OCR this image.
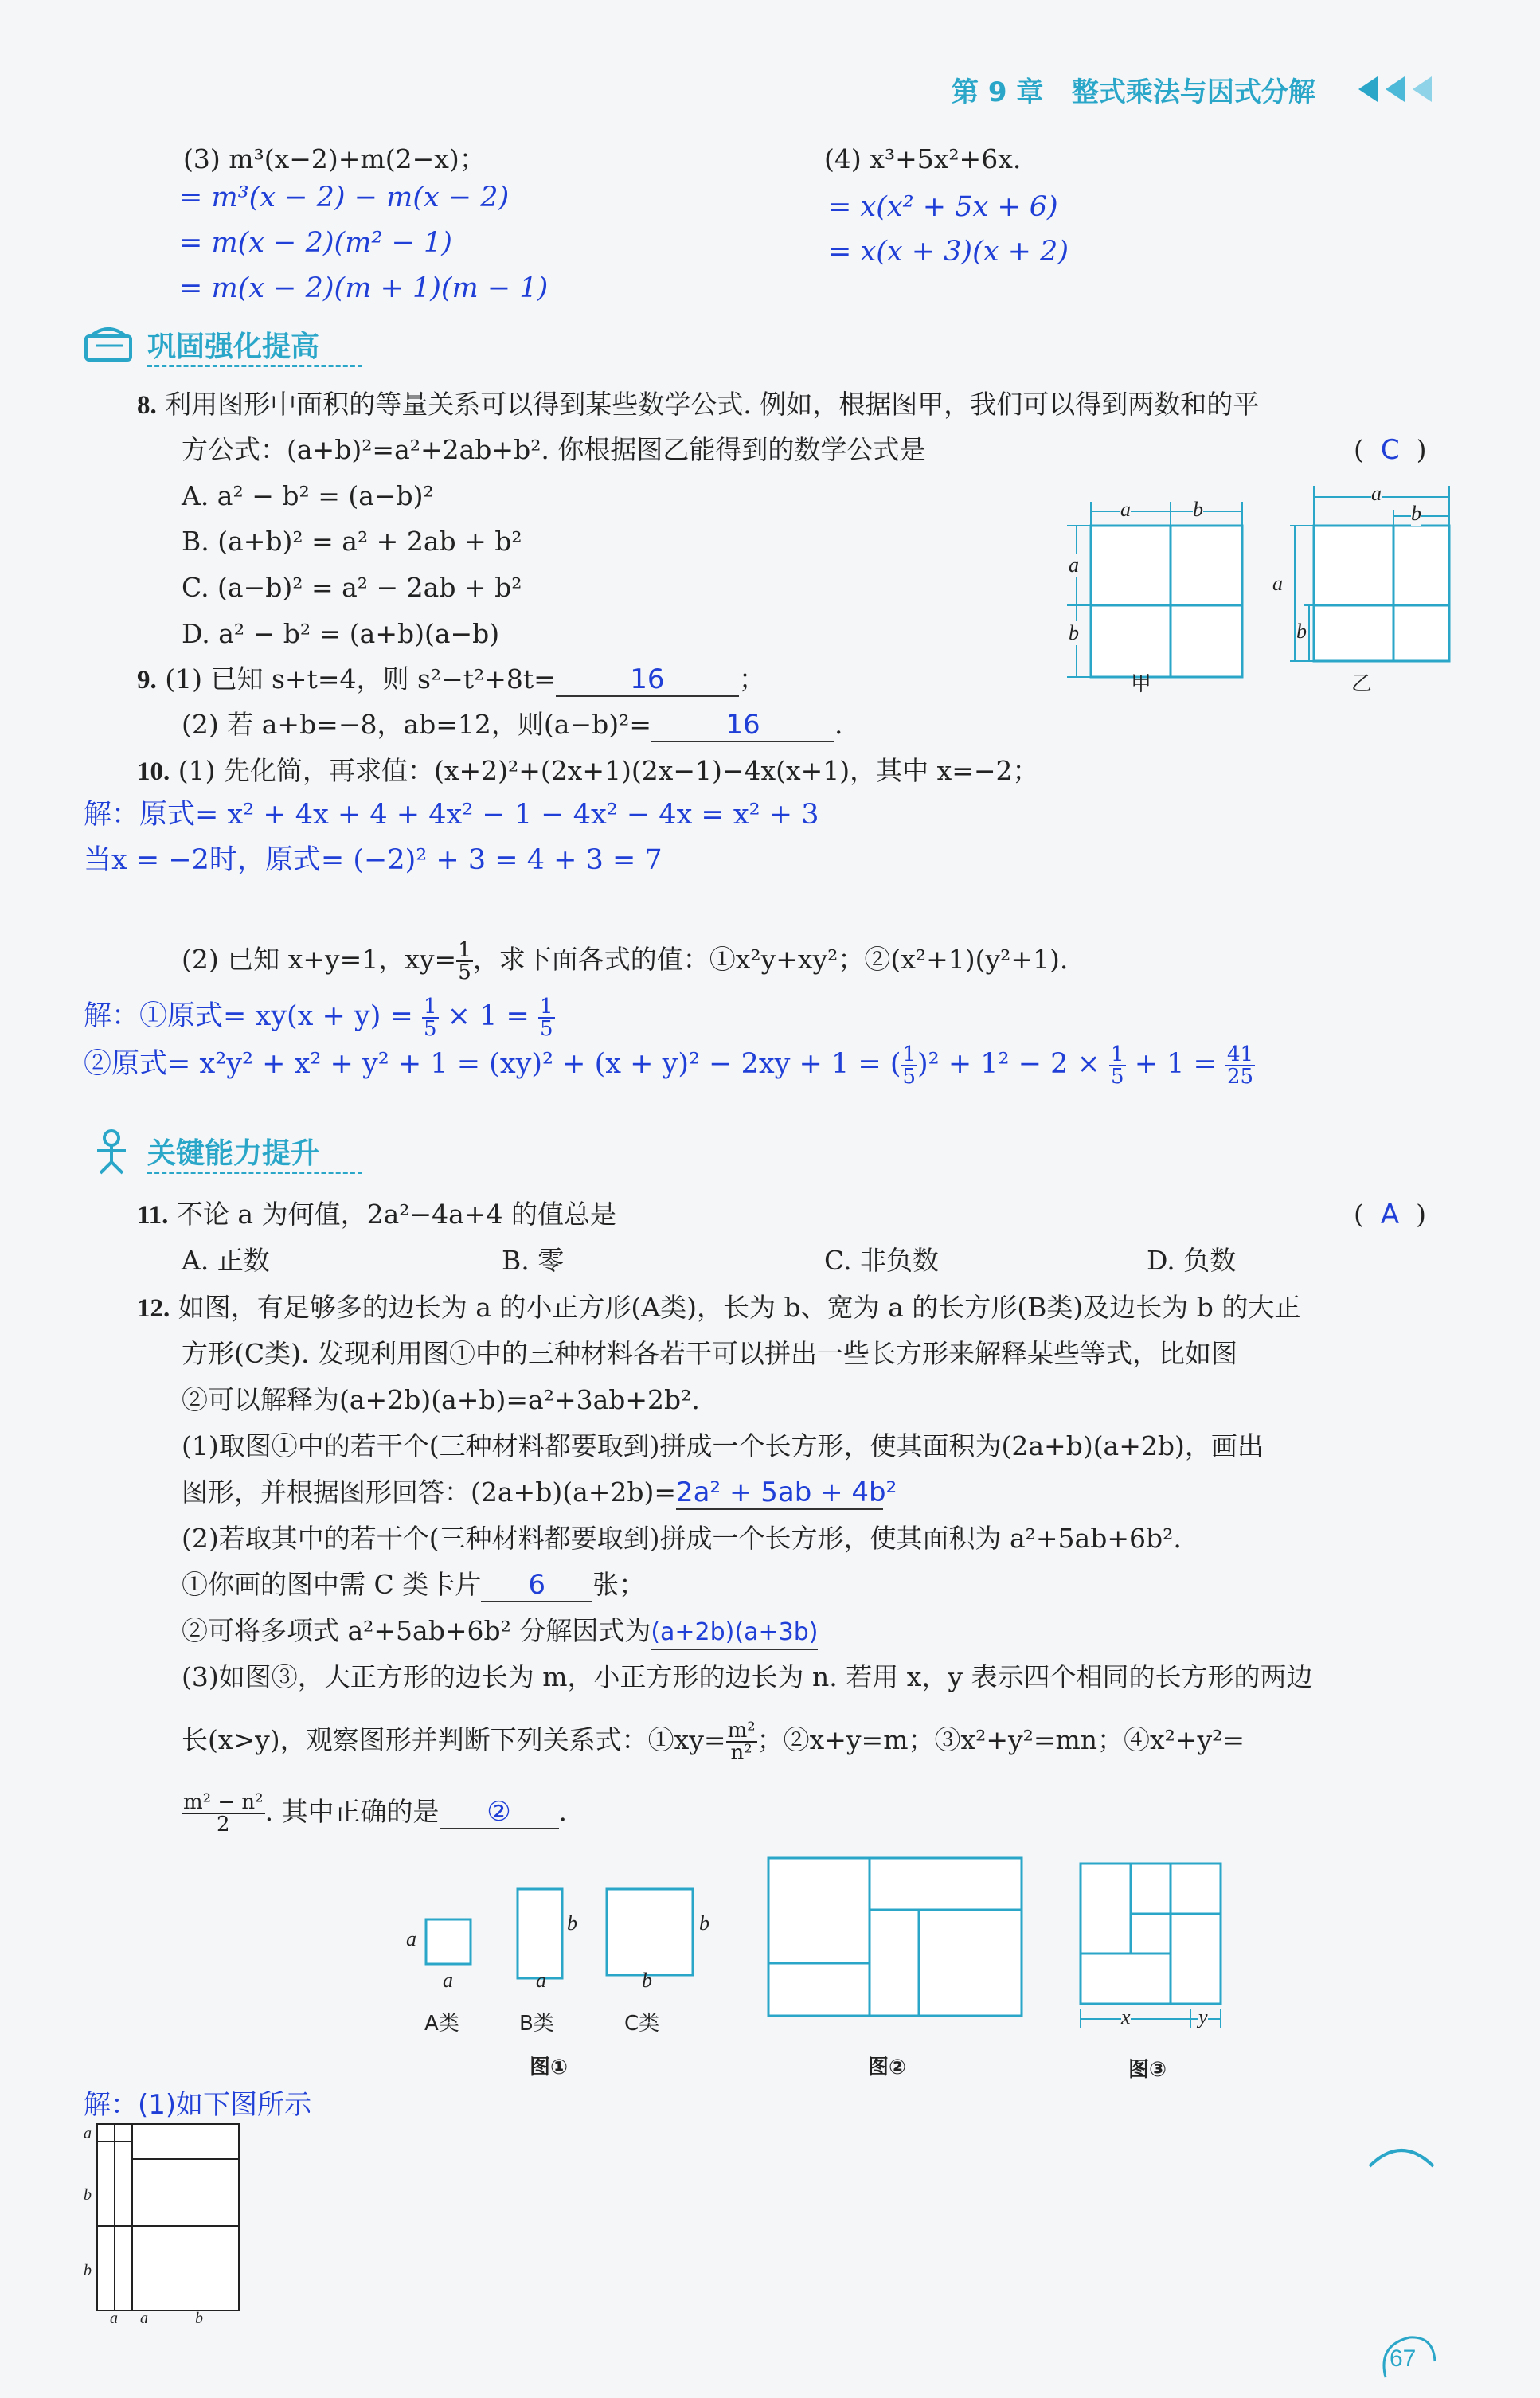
第 9 章 整式乘法与因式分解
(3) m³(x−2)+m(2−x)；
= m³(x − 2) − m(x − 2)
= m(x − 2)(m² − 1)
= m(x − 2)(m + 1)(m − 1)
(4) x³+5x²+6x.
= x(x² + 5x + 6)
= x(x + 3)(x + 2)
巩固强化提高
8. 利用图形中面积的等量关系可以得到某些数学公式. 例如，根据图甲，我们可以得到两数和的平
方公式：(a+b)²=a²+2ab+b². 你根据图乙能得到的数学公式是	(  C  )
A. a² − b² = (a−b)²
B. (a+b)² = a² + 2ab + b²
C. (a−b)² = a² − 2ab + b²
D. a² − b² = (a+b)(a−b)
a	b
a
b
甲
a
b
a
b
乙
9. (1) 已知 s+t=4，则 s²−t²+8t=	16	；
(2) 若 a+b=−8，ab=12，则(a−b)²=	16	.
10. (1) 先化简，再求值：(x+2)²+(2x+1)(2x−1)−4x(x+1)，其中 x=−2；
解：原式= x² + 4x + 4 + 4x² − 1 − 4x² − 4x = x² + 3
当x = −2时，原式= (−2)² + 3 = 4 + 3 = 7
(2) 已知 x+y=1，$xy= \frac{1}{5}$ ，求下面各式的值：①x²y+xy²；②(x²+1)(y²+1).
解：①原式= $xy(x + y) = \frac{1}{5} \times 1 = \frac{1}{5}$
②原式= x²y² + x² + y² + 1 = (xy)² + (x + y)² − 2xy + 1 = ( $\frac{1}{5} )^2 + 1^2 - 2 \times \frac{1}{5} + 1 = \frac{41}{25}$
关键能力提升
11. 不论 a 为何值，2a²−4a+4 的值总是	(  A  )
A. 正数	B. 零	C. 非负数	D. 负数
12. 如图，有足够多的边长为 a 的小正方形(A类)，长为 b、宽为 a 的长方形(B类)及边长为 b 的大正
方形(C类). 发现利用图①中的三种材料各若干可以拼出一些长方形来解释某些等式，比如图
②可以解释为(a+2b)(a+b)=a²+3ab+2b².
(1)取图①中的若干个(三种材料都要取到)拼成一个长方形，使其面积为(2a+b)(a+2b)，画出
图形，并根据图形回答：(2a+b)(a+2b)=2a² + 5ab + 4b²
(2)若取其中的若干个(三种材料都要取到)拼成一个长方形，使其面积为 a²+5ab+6b².
①你画的图中需 C 类卡片 6 张；
②可将多项式 a²+5ab+6b² 分解因式为(a+2b)(a+3b)
(3)如图③，大正方形的边长为 m，小正方形的边长为 n. 若用 x，y 表示四个相同的长方形的两边
长(x>y)，观察图形并判断下列关系式：①xy= $\frac{\text{m²}}{\text{n²}}$ ；②x+y=m；③x²+y²=mn；④x²+y²=
$\frac{\text{m² − n²}}{2}$ . 其中正确的是 ② .
a
a
b
a
b
b
A类	B类	C类
图①	图②
x	y
图③
解：(1)如下图所示
a
b
b
a a	b
67
